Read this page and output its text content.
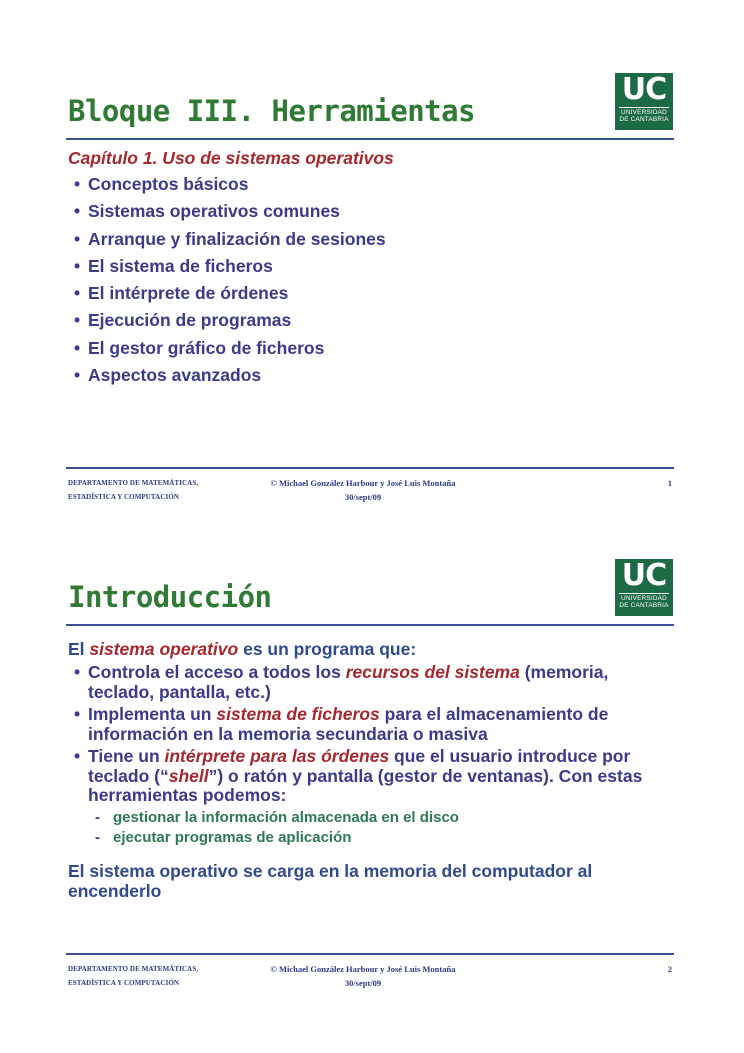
Bloque III. Herramientas
UC
UNIVERSIDAD
DE CANTABRIA

Capítulo 1. Uso de sistemas operativos

• Conceptos básicos
• Sistemas operativos comunes
• Arranque y finalización de sesiones
• El sistema de ficheros
• El intérprete de órdenes
• Ejecución de programas
• El gestor gráfico de ficheros
• Aspectos avanzados
DEPARTAMENTO DE MATEMÁTICAS,
ESTADÍSTICA Y COMPUTACIÓN
© Michael González Harbour y José Luis Montaña
30/sept/09
1
Introducción
UC
UNIVERSIDAD
DE CANTABRIA

El sistema operativo es un programa que:

• Controla el acceso a todos los recursos del sistema (memoria, teclado, pantalla, etc.)
• Implementa un sistema de ficheros para el almacenamiento de información en la memoria secundaria o masiva
• Tiene un intérprete para las órdenes que el usuario introduce por teclado (“shell”) o ratón y pantalla (gestor de ventanas). Con estas herramientas podemos:
- gestionar la información almacenada en el disco
- ejecutar programas de aplicación

El sistema operativo se carga en la memoria del computador al encenderlo

DEPARTAMENTO DE MATEMÁTICAS,
ESTADÍSTICA Y COMPUTACIÓN
© Michael González Harbour y José Luis Montaña
30/sept/09
2
